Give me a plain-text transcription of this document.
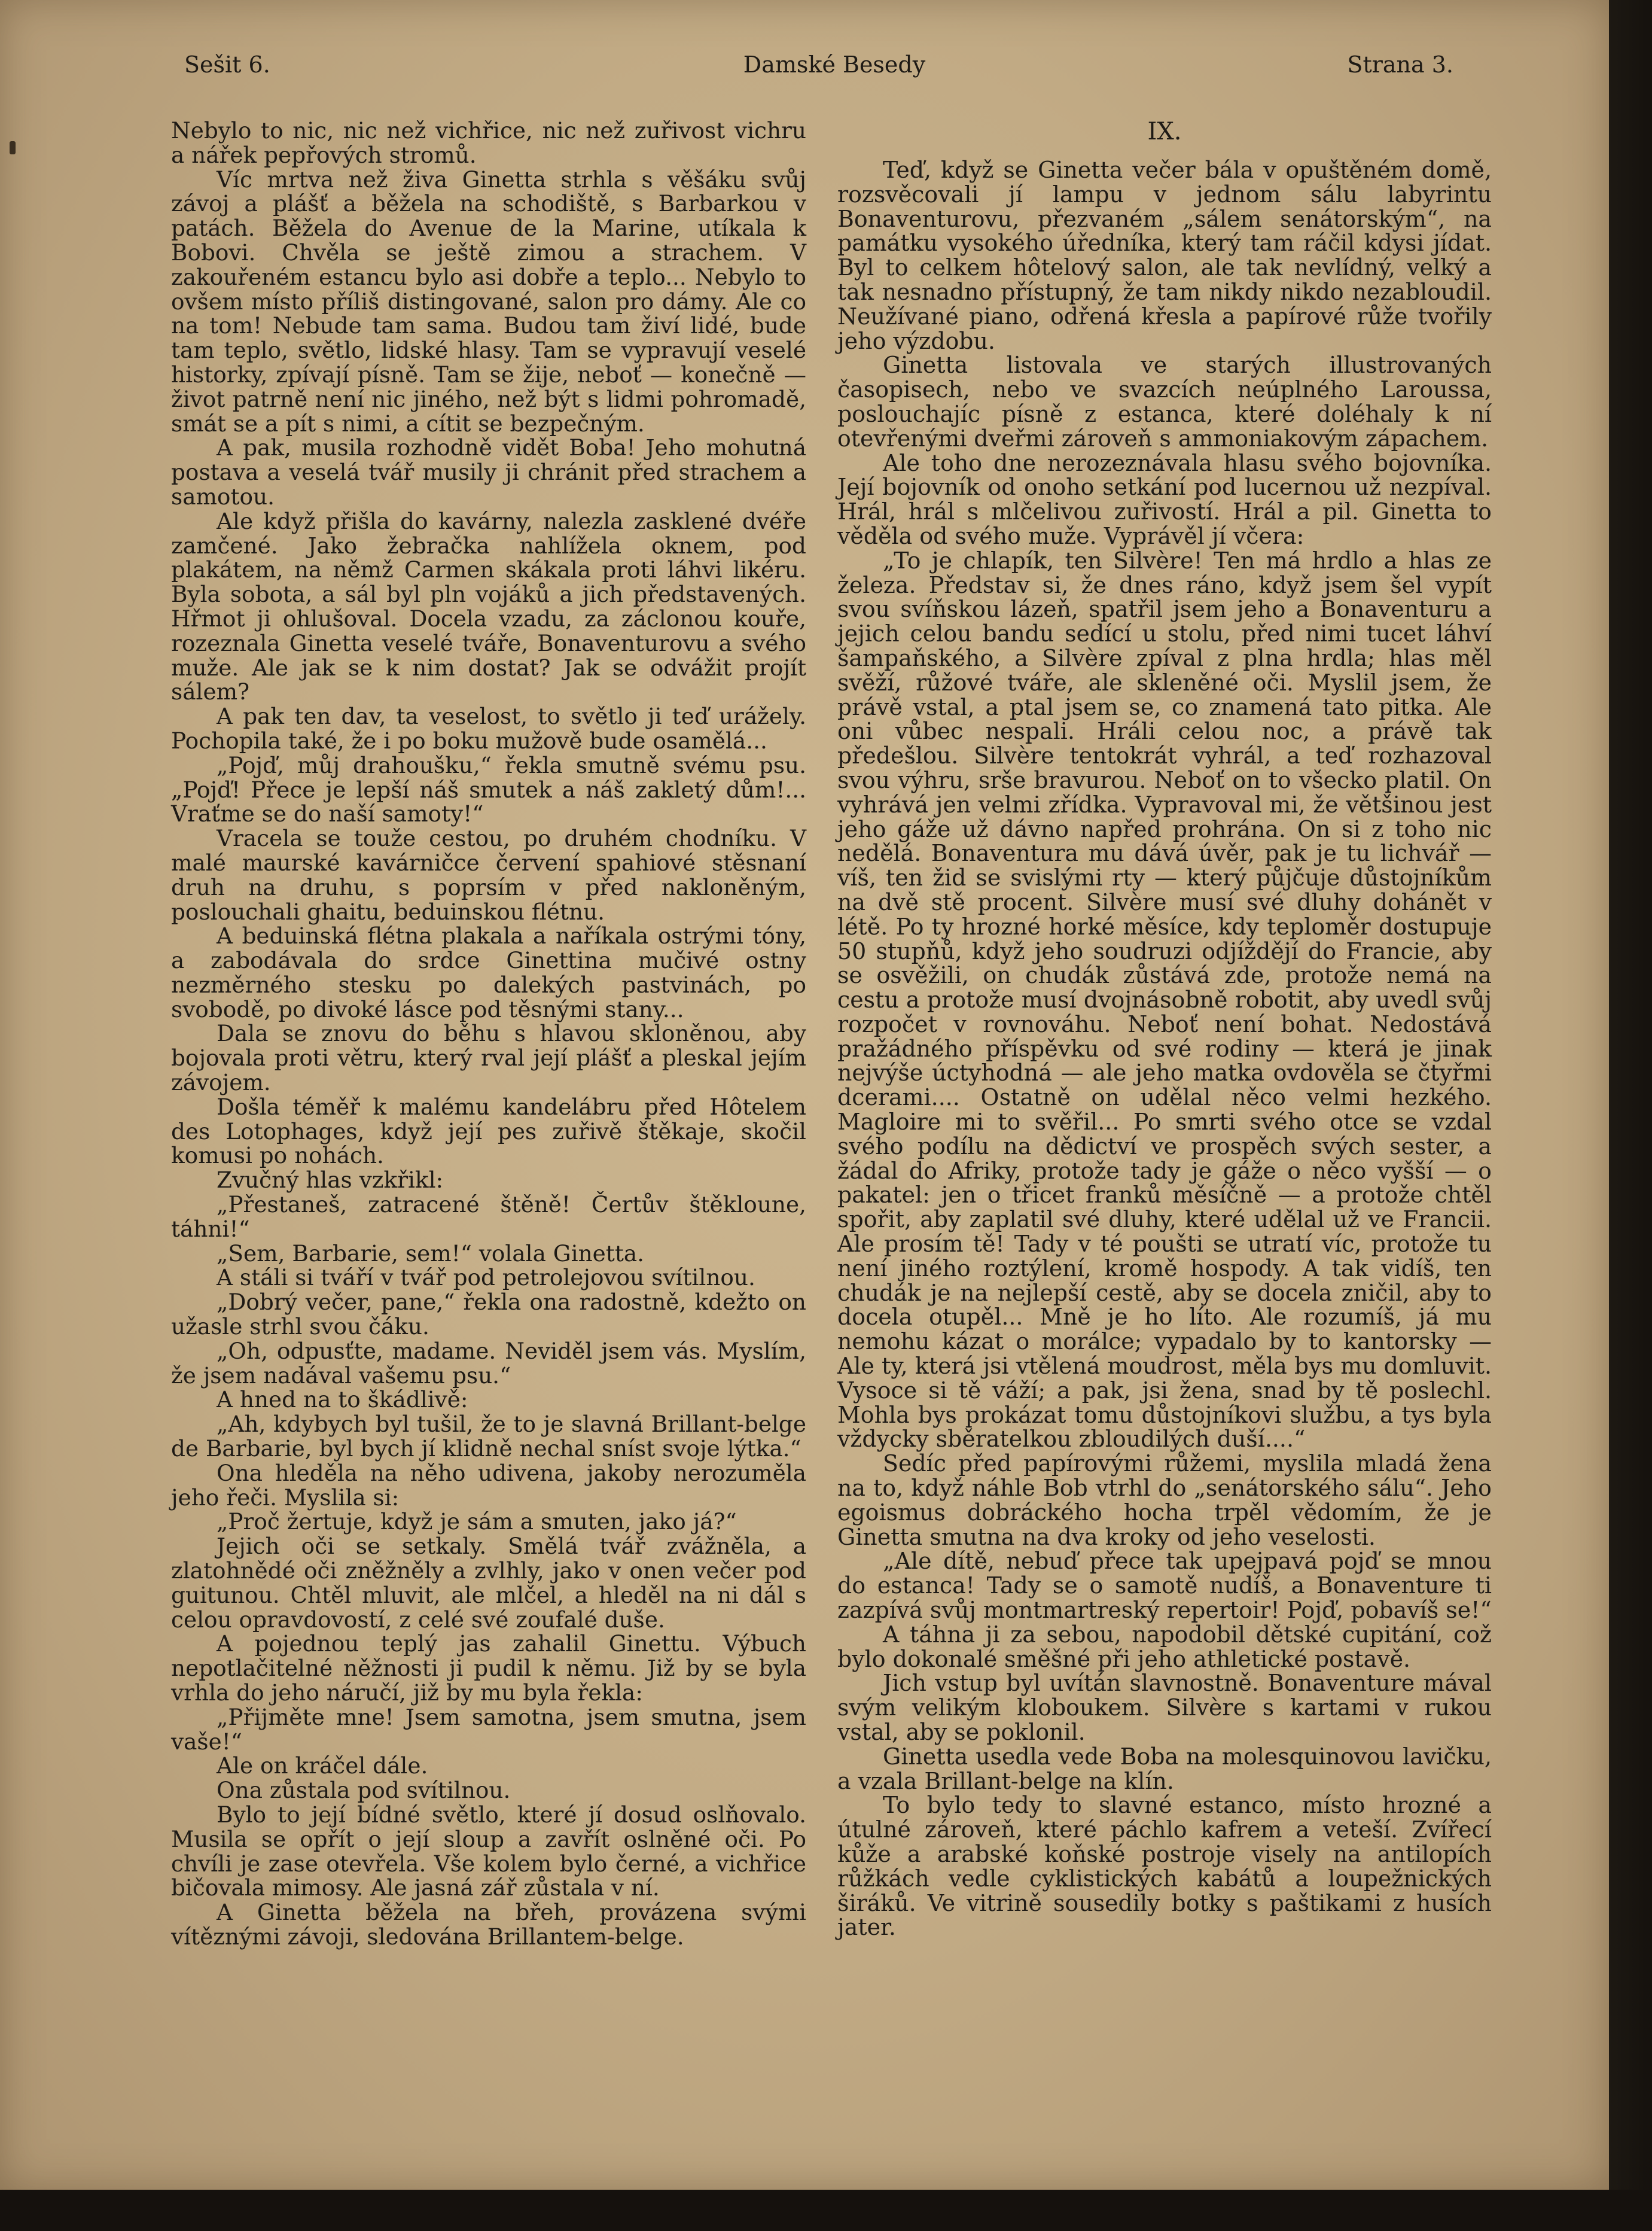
Sešit 6.	Damské Besedy	Strana 3.

Nebylo to nic, nic než vichřice, nic než zuřivost vichru a nářek pepřových stromů.

Víc mrtva než živa Ginetta strhla s věšáku svůj závoj a plášť a běžela na schodiště, s Barbarkou v patách. Běžela do Avenue de la Marine, utíkala k Bobovi. Chvěla se ještě zimou a strachem. V zakouřeném estancu bylo asi dobře a teplo... Nebylo to ovšem místo příliš distingované, salon pro dámy. Ale co na tom! Nebude tam sama. Budou tam živí lidé, bude tam teplo, světlo, lidské hlasy. Tam se vypravují veselé historky, zpívají písně. Tam se žije, neboť — konečně — život patrně není nic jiného, než být s lidmi pohromadě, smát se a pít s nimi, a cítit se bezpečným.

A pak, musila rozhodně vidět Boba! Jeho mohutná postava a veselá tvář musily ji chránit před strachem a samotou.

Ale když přišla do kavárny, nalezla zasklené dvéře zamčené. Jako žebračka nahlížela oknem, pod plakátem, na němž Carmen skákala proti láhvi likéru. Byla sobota, a sál byl pln vojáků a jich představených. Hřmot ji ohlušoval. Docela vzadu, za záclonou kouře, rozeznala Ginetta veselé tváře, Bonaventurovu a svého muže. Ale jak se k nim dostat? Jak se odvážit projít sálem?

A pak ten dav, ta veselost, to světlo ji teď urážely. Pochopila také, že i po boku mužově bude osamělá...

„Pojď, můj drahoušku,“ řekla smutně svému psu. „Pojď! Přece je lepší náš smutek a náš zakletý dům!... Vraťme se do naší samoty!“

Vracela se touže cestou, po druhém chodníku. V malé maurské kavárničce červení spahiové stěsnaní druh na druhu, s poprsím v před nakloněným, poslouchali ghaitu, beduinskou flétnu.

A beduinská flétna plakala a naříkala ostrými tóny, a zabodávala do srdce Ginettina mučivé ostny nezměrného stesku po dalekých pastvinách, po svobodě, po divoké lásce pod těsnými stany...

Dala se znovu do běhu s hlavou skloněnou, aby bojovala proti větru, který rval její plášť a pleskal jejím závojem.

Došla téměř k malému kandelábru před Hôtelem des Lotophages, když její pes zuřivě štěkaje, skočil komusi po nohách.

Zvučný hlas vzkřikl:

„Přestaneš, zatracené štěně! Čertův štěkloune, táhni!“

„Sem, Barbarie, sem!“ volala Ginetta.

A stáli si tváří v tvář pod petrolejovou svítilnou.

„Dobrý večer, pane,“ řekla ona radostně, kdežto on užasle strhl svou čáku.

„Oh, odpusťte, madame. Neviděl jsem vás. Myslím, že jsem nadával vašemu psu.“

A hned na to škádlivě:

„Ah, kdybych byl tušil, že to je slavná Brillant-belge de Barbarie, byl bych jí klidně nechal sníst svoje lýtka.“

Ona hleděla na něho udivena, jakoby nerozuměla jeho řeči. Myslila si:

„Proč žertuje, když je sám a smuten, jako já?“

Jejich oči se setkaly. Smělá tvář zvážněla, a zlatohnědé oči zněžněly a zvlhly, jako v onen večer pod guitunou. Chtěl mluvit, ale mlčel, a hleděl na ni dál s celou opravdovostí, z celé své zoufalé duše.

A pojednou teplý jas zahalil Ginettu. Výbuch nepotlačitelné něžnosti ji pudil k němu. Již by se byla vrhla do jeho náručí, již by mu byla řekla:

„Přijměte mne! Jsem samotna, jsem smutna, jsem vaše!“

Ale on kráčel dále.

Ona zůstala pod svítilnou.

Bylo to její bídné světlo, které jí dosud oslňovalo. Musila se opřít o její sloup a zavřít oslněné oči. Po chvíli je zase otevřela. Vše kolem bylo černé, a vichřice bičovala mimosy. Ale jasná zář zůstala v ní.

A Ginetta běžela na břeh, provázena svými vítěznými závoji, sledována Brillantem-belge.

IX.

Teď, když se Ginetta večer bála v opuštěném domě, rozsvěcovali jí lampu v jednom sálu labyrintu Bonaventurovu, přezvaném „sálem senátorským“, na památku vysokého úředníka, který tam ráčil kdysi jídat. Byl to celkem hôtelový salon, ale tak nevlídný, velký a tak nesnadno přístupný, že tam nikdy nikdo nezabloudil. Neužívané piano, odřená křesla a papírové růže tvořily jeho výzdobu.

Ginetta listovala ve starých illustrovaných časopisech, nebo ve svazcích neúplného Laroussa, poslouchajíc písně z estanca, které doléhaly k ní otevřenými dveřmi zároveň s ammoniakovým zápachem.

Ale toho dne nerozeznávala hlasu svého bojovníka. Její bojovník od onoho setkání pod lucernou už nezpíval. Hrál, hrál s mlčelivou zuřivostí. Hrál a pil. Ginetta to věděla od svého muže. Vyprávěl jí včera:

„To je chlapík, ten Silvère! Ten má hrdlo a hlas ze železa. Představ si, že dnes ráno, když jsem šel vypít svou svíňskou lázeň, spatřil jsem jeho a Bonaventuru a jejich celou bandu sedící u stolu, před nimi tucet láhví šampaňského, a Silvère zpíval z plna hrdla; hlas měl svěží, růžové tváře, ale skleněné oči. Myslil jsem, že právě vstal, a ptal jsem se, co znamená tato pitka. Ale oni vůbec nespali. Hráli celou noc, a právě tak předešlou. Silvère tentokrát vyhrál, a teď rozhazoval svou výhru, srše bravurou. Neboť on to všecko platil. On vyhrává jen velmi zřídka. Vypravoval mi, že většinou jest jeho gáže už dávno napřed prohrána. On si z toho nic nedělá. Bonaventura mu dává úvěr, pak je tu lichvář — víš, ten žid se svislými rty — který půjčuje důstojníkům na dvě stě procent. Silvère musí své dluhy dohánět v létě. Po ty hrozné horké měsíce, kdy teploměr dostupuje 50 stupňů, když jeho soudruzi odjíždějí do Francie, aby se osvěžili, on chudák zůstává zde, protože nemá na cestu a protože musí dvojnásobně robotit, aby uvedl svůj rozpočet v rovnováhu. Neboť není bohat. Nedostává pražádného příspěvku od své rodiny — která je jinak nejvýše úctyhodná — ale jeho matka ovdověla se čtyřmi dcerami.... Ostatně on udělal něco velmi hezkého. Magloire mi to svěřil... Po smrti svého otce se vzdal svého podílu na dědictví ve prospěch svých sester, a žádal do Afriky, protože tady je gáže o něco vyšší — o pakatel: jen o třicet franků měsíčně — a protože chtěl spořit, aby zaplatil své dluhy, které udělal už ve Francii. Ale prosím tě! Tady v té poušti se utratí víc, protože tu není jiného roztýlení, kromě hospody. A tak vidíš, ten chudák je na nejlepší cestě, aby se docela zničil, aby to docela otupěl... Mně je ho líto. Ale rozumíš, já mu nemohu kázat o morálce; vypadalo by to kantorsky — Ale ty, která jsi vtělená moudrost, měla bys mu domluvit. Vysoce si tě váží; a pak, jsi žena, snad by tě poslechl. Mohla bys prokázat tomu důstojníkovi službu, a tys byla vždycky sběratelkou zbloudilých duší....“

Sedíc před papírovými růžemi, myslila mladá žena na to, když náhle Bob vtrhl do „senátorského sálu“. Jeho egoismus dobráckého hocha trpěl vědomím, že je Ginetta smutna na dva kroky od jeho veselosti.

„Ale dítě, nebuď přece tak upejpavá pojď se mnou do estanca! Tady se o samotě nudíš, a Bonaventure ti zazpívá svůj montmartreský repertoir! Pojď, pobavíš se!“

A táhna ji za sebou, napodobil dětské cupitání, což bylo dokonalé směšné při jeho athletické postavě.

Jich vstup byl uvítán slavnostně. Bonaventure mával svým velikým kloboukem. Silvère s kartami v rukou vstal, aby se poklonil.

Ginetta usedla vede Boba na molesquinovou lavičku, a vzala Brillant-belge na klín.

To bylo tedy to slavné estanco, místo hrozné a útulné zároveň, které páchlo kafrem a veteší. Zvířecí kůže a arabské koňské postroje visely na antilopích růžkách vedle cyklistických kabátů a loupežnických širáků. Ve vitrině sousedily botky s paštikami z husích jater.
